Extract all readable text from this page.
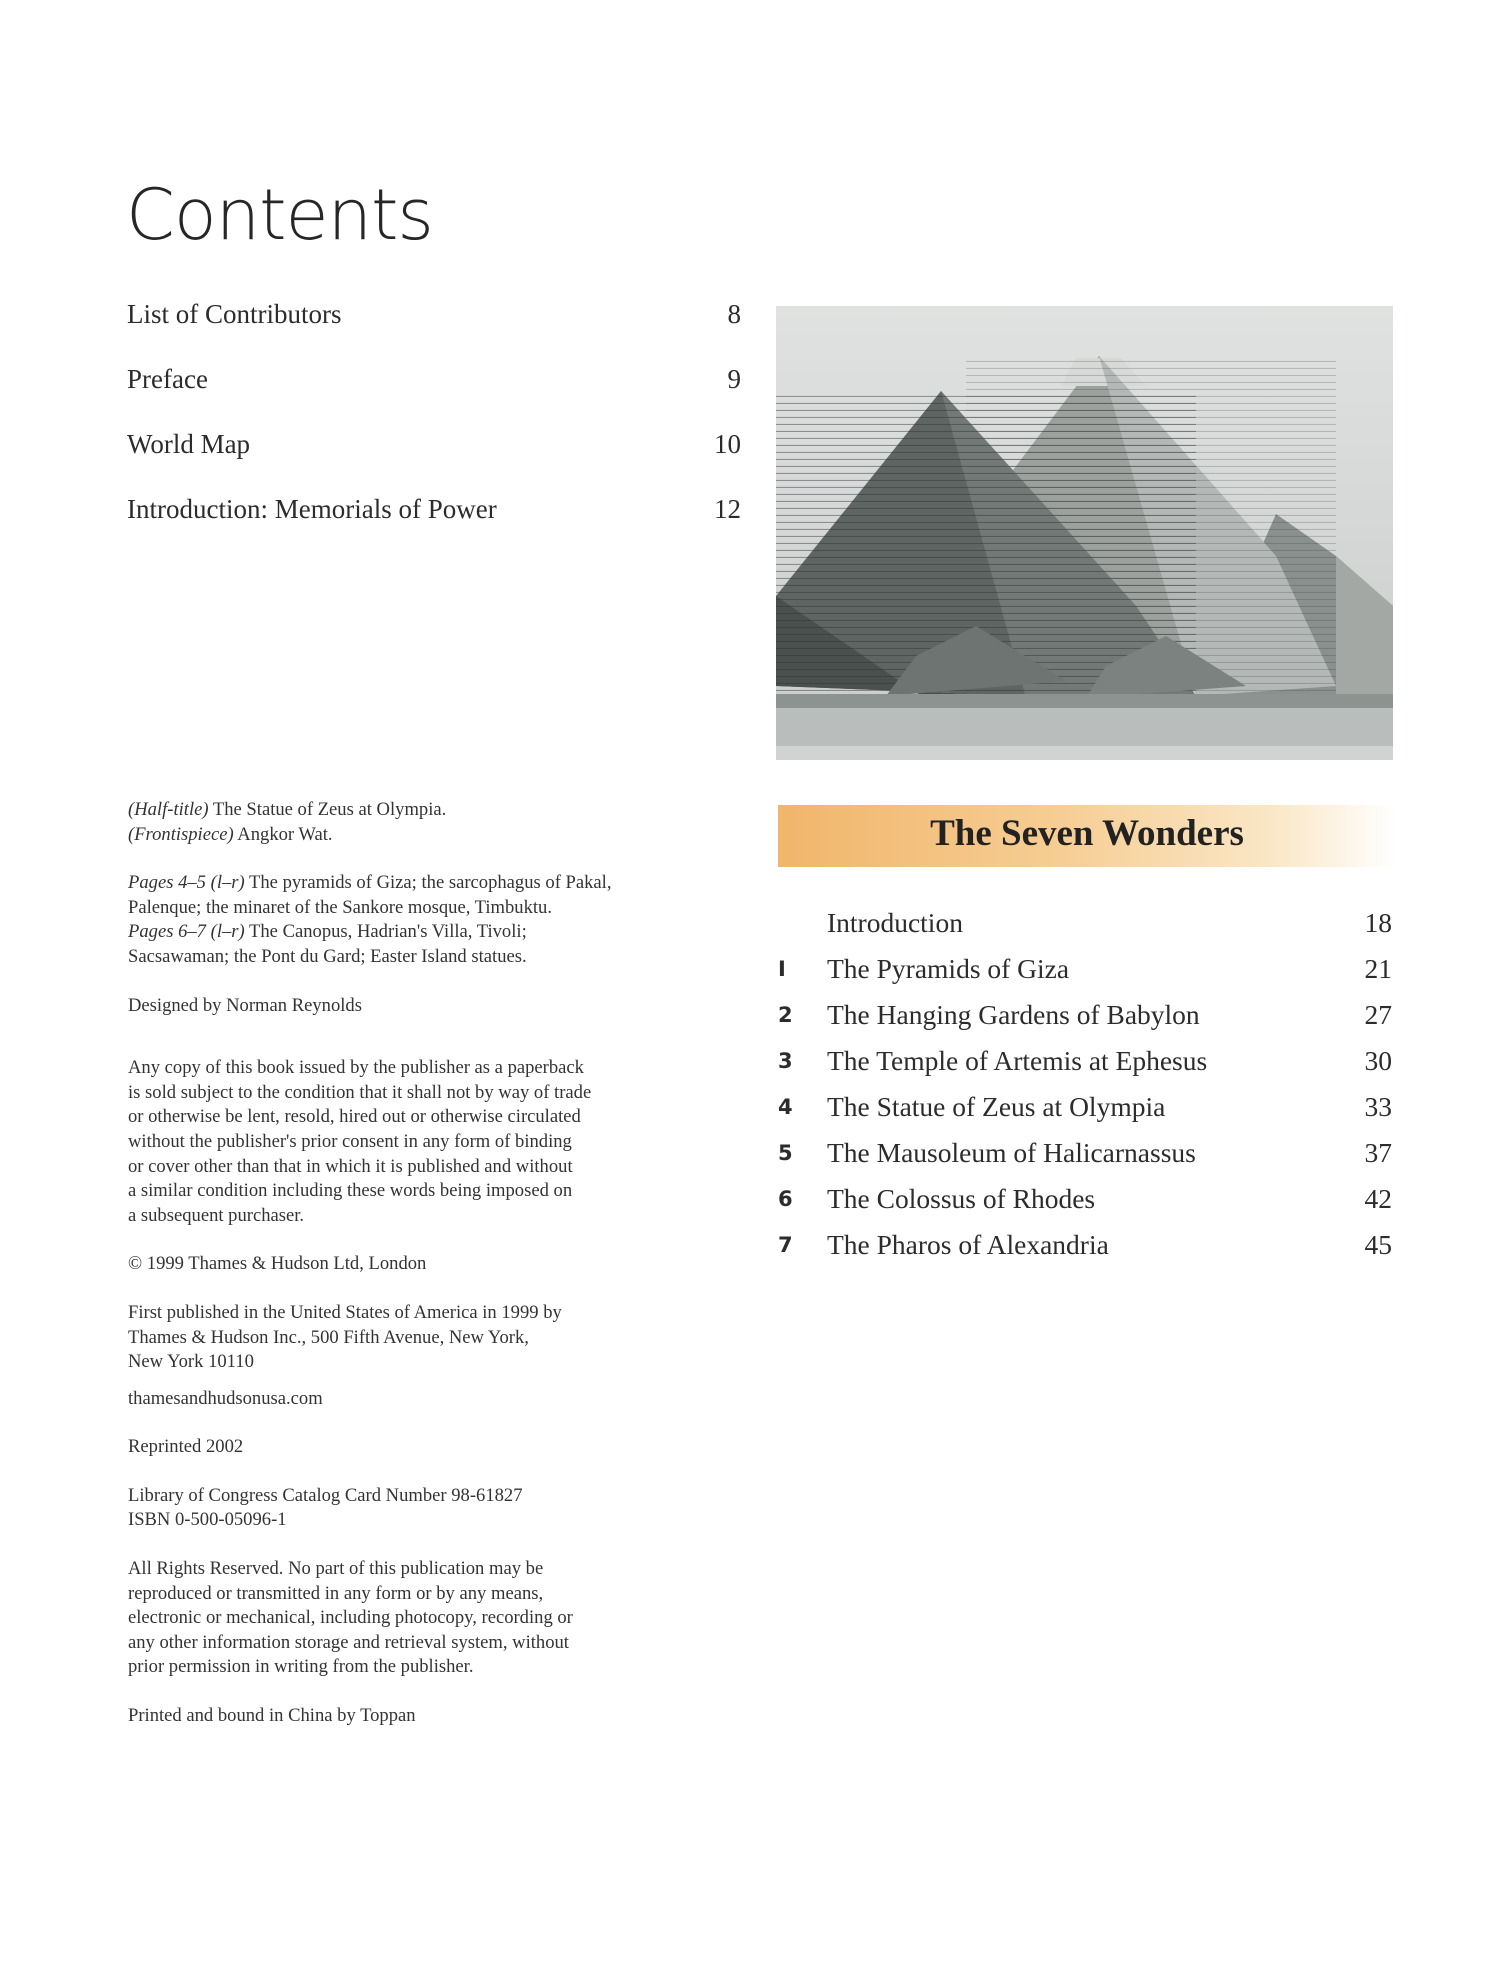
Contents
List of Contributors	8
Preface	9
World Map	10
Introduction: Memorials of Power	12

(Half-title) The Statue of Zeus at Olympia.

(Frontispiece) Angkor Wat.

Pages 4–5 (l–r) The pyramids of Giza; the sarcophagus of Pakal,

Palenque; the minaret of the Sankore mosque, Timbuktu.

Pages 6–7 (l–r) The Canopus, Hadrian's Villa, Tivoli;

Sacsawaman; the Pont du Gard; Easter Island statues.

Designed by Norman Reynolds

Any copy of this book issued by the publisher as a paperback

is sold subject to the condition that it shall not by way of trade

or otherwise be lent, resold, hired out or otherwise circulated

without the publisher's prior consent in any form of binding

or cover other than that in which it is published and without

a similar condition including these words being imposed on

a subsequent purchaser.

© 1999 Thames & Hudson Ltd, London

First published in the United States of America in 1999 by

Thames & Hudson Inc., 500 Fifth Avenue, New York,

New York 10110

thamesandhudsonusa.com

Reprinted 2002

Library of Congress Catalog Card Number 98-61827

ISBN 0-500-05096-1

All Rights Reserved. No part of this publication may be

reproduced or transmitted in any form or by any means,

electronic or mechanical, including photocopy, recording or

any other information storage and retrieval system, without

prior permission in writing from the publisher.

Printed and bound in China by Toppan

The Seven Wonders
Introduction	18
I	The Pyramids of Giza	21
2	The Hanging Gardens of Babylon	27
3	The Temple of Artemis at Ephesus	30
4	The Statue of Zeus at Olympia	33
5	The Mausoleum of Halicarnassus	37
6	The Colossus of Rhodes	42
7	The Pharos of Alexandria	45
